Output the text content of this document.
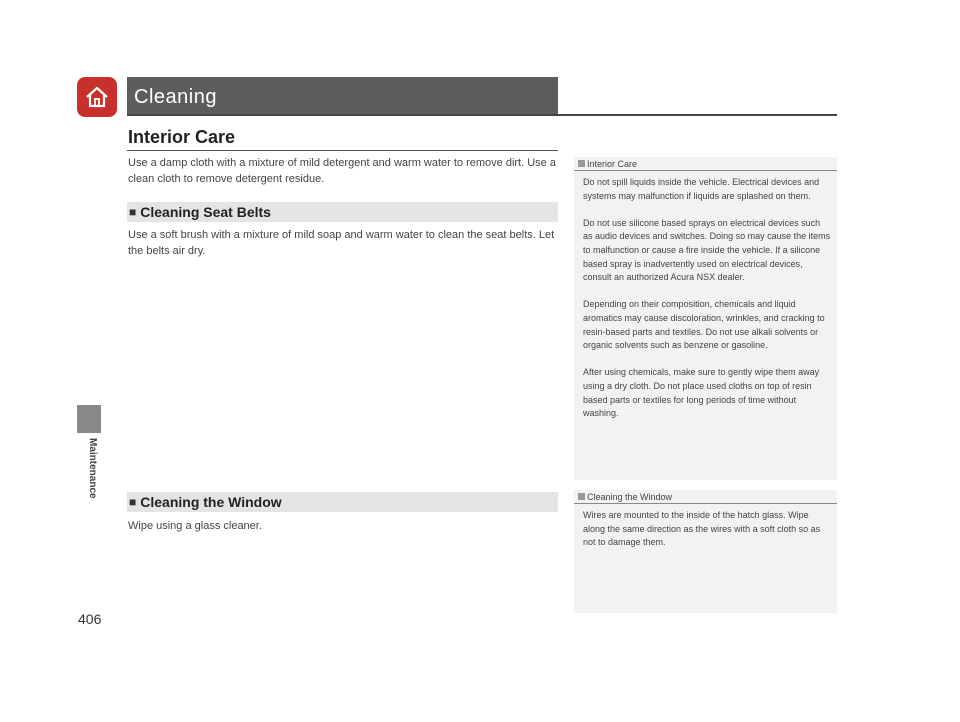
Cleaning
Maintenance
406
Interior Care
Use a damp cloth with a mixture of mild detergent and warm water to remove dirt. Use a clean cloth to remove detergent residue.
■ Cleaning Seat Belts
Use a soft brush with a mixture of mild soap and warm water to clean the seat belts. Let the belts air dry.
■ Cleaning the Window
Wipe using a glass cleaner.
Interior Care

Do not spill liquids inside the vehicle. Electrical devices and systems may malfunction if liquids are splashed on them.

Do not use silicone based sprays on electrical devices such as audio devices and switches. Doing so may cause the items to malfunction or cause a fire inside the vehicle. If a silicone based spray is inadvertently used on electrical devices, consult an authorized Acura NSX dealer.

Depending on their composition, chemicals and liquid aromatics may cause discoloration, wrinkles, and cracking to resin-based parts and textiles. Do not use alkali solvents or organic solvents such as benzene or gasoline.

After using chemicals, make sure to gently wipe them away using a dry cloth. Do not place used cloths on top of resin based parts or textiles for long periods of time without washing.

Cleaning the Window

Wires are mounted to the inside of the hatch glass. Wipe along the same direction as the wires with a soft cloth so as not to damage them.
